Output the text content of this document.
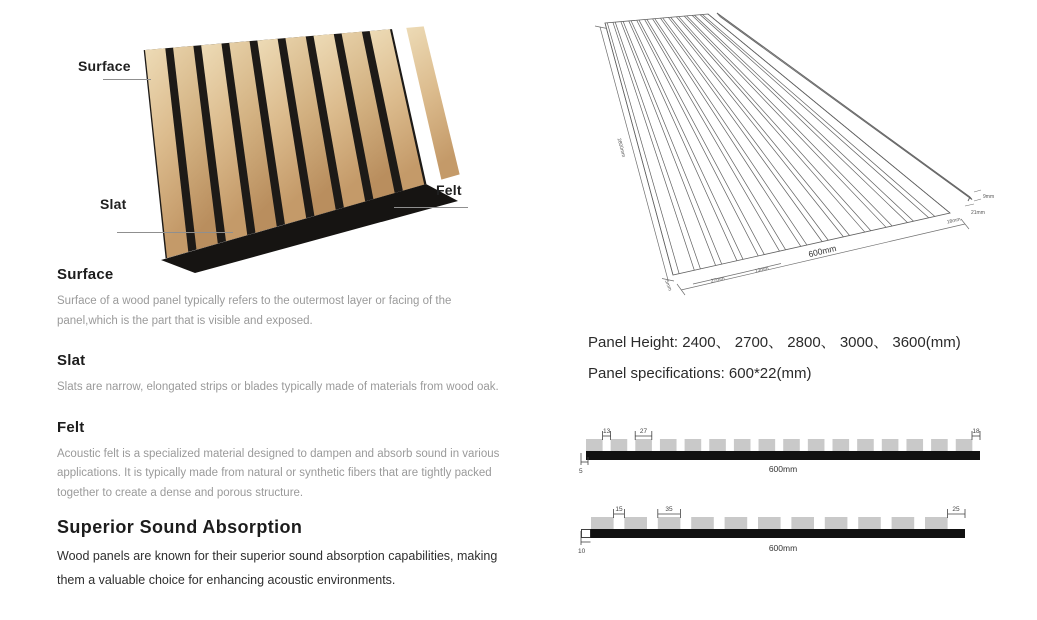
Surface
Slat
Felt
Surface

Surface of a wood panel typically refers to the outermost layer or facing of the panel,which is the part that is visible and exposed.

Slat

Slats are narrow, elongated strips or blades typically made of materials from wood oak.

Felt

Acoustic felt is a specialized material designed to dampen and absorb sound in various applications. It is typically made from natural or synthetic fibers that are tightly packed together to create a dense and porous structure.

Superior Sound Absorption

Wood panels are known for their superior sound absorption capabilities, making them a valuable choice for enhancing acoustic environments.

2800mm
600mm
27mm
13mm
5mm
18mm
9mm
21mm

Panel Height: 2400、 2700、 2800、 3000、 3600(mm)

Panel specifications: 600*22(mm)

13	27	18
5	600mm
15	35	25
10	600mm
